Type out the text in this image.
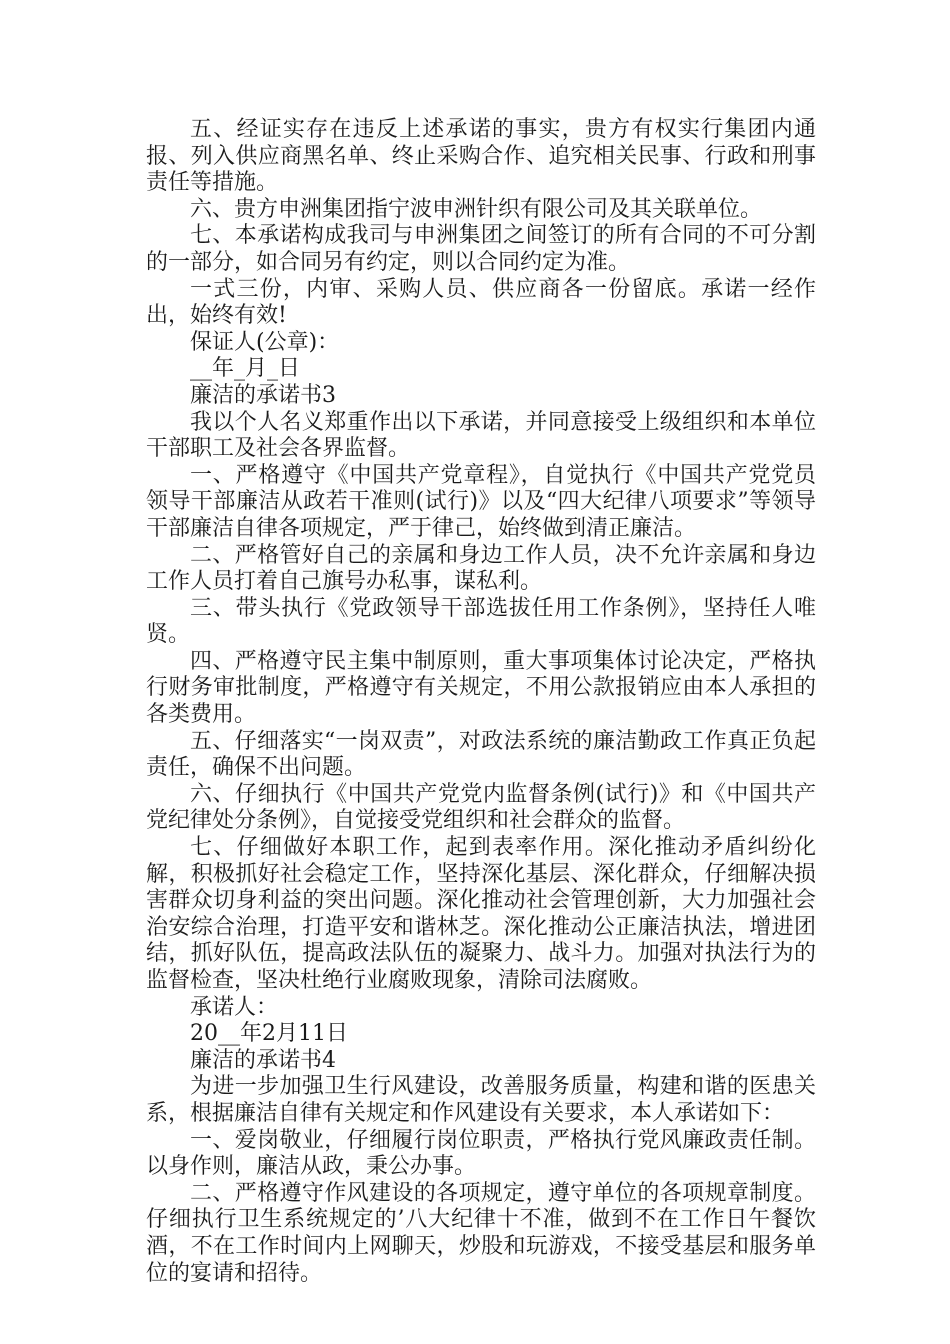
五、经证实存在违反上述承诺的事实，贵方有权实行集团内通报、列入供应商黑名单、终止采购合作、追究相关民事、行政和刑事责任等措施。

六、贵方申洲集团指宁波申洲针织有限公司及其关联单位。

七、本承诺构成我司与申洲集团之间签订的所有合同的不可分割的一部分，如合同另有约定，则以合同约定为准。

一式三份，内审、采购人员、供应商各一份留底。承诺一经作出，始终有效!

保证人(公章)：

__年_月_日

廉洁的承诺书3

我以个人名义郑重作出以下承诺，并同意接受上级组织和本单位干部职工及社会各界监督。

一、严格遵守《中国共产党章程》，自觉执行《中国共产党党员领导干部廉洁从政若干准则(试行)》以及“四大纪律八项要求”等领导干部廉洁自律各项规定，严于律己，始终做到清正廉洁。

二、严格管好自己的亲属和身边工作人员，决不允许亲属和身边工作人员打着自己旗号办私事，谋私利。

三、带头执行《党政领导干部选拔任用工作条例》，坚持任人唯贤。

四、严格遵守民主集中制原则，重大事项集体讨论决定，严格执行财务审批制度，严格遵守有关规定，不用公款报销应由本人承担的各类费用。

五、仔细落实“一岗双责”，对政法系统的廉洁勤政工作真正负起责任，确保不出问题。

六、仔细执行《中国共产党党内监督条例(试行)》和《中国共产党纪律处分条例》，自觉接受党组织和社会群众的监督。

七、仔细做好本职工作，起到表率作用。深化推动矛盾纠纷化解，积极抓好社会稳定工作，坚持深化基层、深化群众，仔细解决损害群众切身利益的突出问题。深化推动社会管理创新，大力加强社会治安综合治理，打造平安和谐林芝。深化推动公正廉洁执法，增进团结，抓好队伍，提高政法队伍的凝聚力、战斗力。加强对执法行为的监督检查，坚决杜绝行业腐败现象，清除司法腐败。

承诺人：

20__年2月11日

廉洁的承诺书4

为进一步加强卫生行风建设，改善服务质量，构建和谐的医患关系，根据廉洁自律有关规定和作风建设有关要求，本人承诺如下：

一、爱岗敬业，仔细履行岗位职责，严格执行党风廉政责任制。以身作则，廉洁从政，秉公办事。

二、严格遵守作风建设的各项规定，遵守单位的各项规章制度。仔细执行卫生系统规定的’八大纪律十不准，做到不在工作日午餐饮酒，不在工作时间内上网聊天，炒股和玩游戏，不接受基层和服务单位的宴请和招待。
